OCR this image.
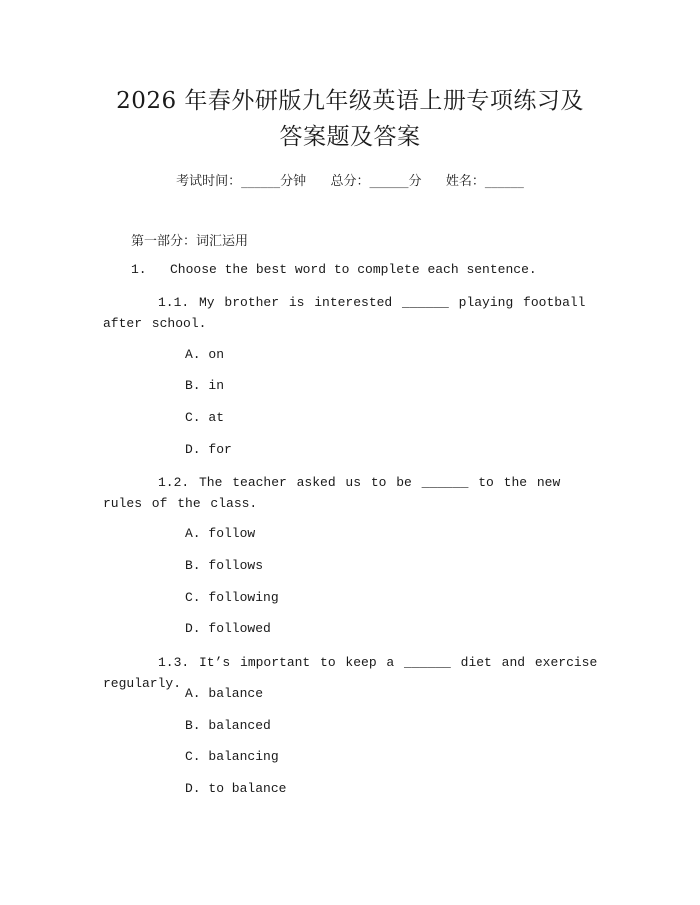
2026 年春外研版九年级英语上册专项练习及
答案题及答案
考试时间：______分钟 总分：______分 姓名：______
第一部分：词汇运用
1.   Choose the best word to complete each sentence.
1.1. My brother is interested ______ playing football after school.
A. on
B. in
C. at
D. for
1.2. The teacher asked us to be ______ to the new rules of the class.
A. follow
B. follows
C. following
D. followed
1.3. It’s important to keep a ______ diet and exercise regularly.
A. balance
B. balanced
C. balancing
D. to balance
